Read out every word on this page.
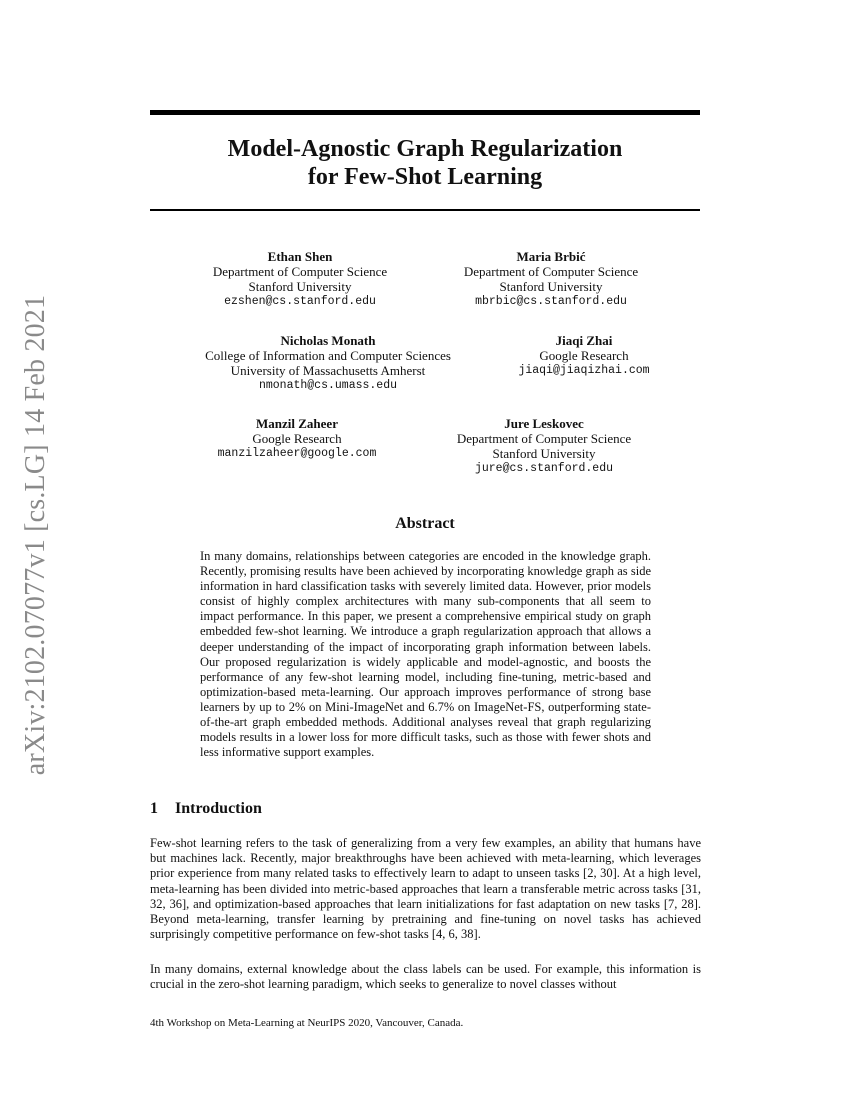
arXiv:2102.07077v1 [cs.LG] 14 Feb 2021
Model-Agnostic Graph Regularization
for Few-Shot Learning
Ethan Shen
Department of Computer Science
Stanford University
ezshen@cs.stanford.edu
Maria Brbić
Department of Computer Science
Stanford University
mbrbic@cs.stanford.edu
Nicholas Monath
College of Information and Computer Sciences
University of Massachusetts Amherst
nmonath@cs.umass.edu
Jiaqi Zhai
Google Research
jiaqi@jiaqizhai.com
Manzil Zaheer
Google Research
manzilzaheer@google.com
Jure Leskovec
Department of Computer Science
Stanford University
jure@cs.stanford.edu
Abstract
In many domains, relationships between categories are encoded in the knowledge graph. Recently, promising results have been achieved by incorporating knowledge graph as side information in hard classification tasks with severely limited data. However, prior models consist of highly complex architectures with many sub-components that all seem to impact performance. In this paper, we present a comprehensive empirical study on graph embedded few-shot learning. We introduce a graph regularization approach that allows a deeper understanding of the impact of incorporating graph information between labels. Our proposed regularization is widely applicable and model-agnostic, and boosts the performance of any few-shot learning model, including fine-tuning, metric-based and optimization-based meta-learning. Our approach improves performance of strong base learners by up to 2% on Mini-ImageNet and 6.7% on ImageNet-FS, outperforming state-of-the-art graph embedded methods. Additional analyses reveal that graph regularizing models results in a lower loss for more difficult tasks, such as those with fewer shots and less informative support examples.
1 Introduction
Few-shot learning refers to the task of generalizing from a very few examples, an ability that humans have but machines lack. Recently, major breakthroughs have been achieved with meta-learning, which leverages prior experience from many related tasks to effectively learn to adapt to unseen tasks [2, 30]. At a high level, meta-learning has been divided into metric-based approaches that learn a transferable metric across tasks [31, 32, 36], and optimization-based approaches that learn initializations for fast adaptation on new tasks [7, 28]. Beyond meta-learning, transfer learning by pretraining and fine-tuning on novel tasks has achieved surprisingly competitive performance on few-shot tasks [4, 6, 38].
In many domains, external knowledge about the class labels can be used. For example, this information is crucial in the zero-shot learning paradigm, which seeks to generalize to novel classes without
4th Workshop on Meta-Learning at NeurIPS 2020, Vancouver, Canada.
